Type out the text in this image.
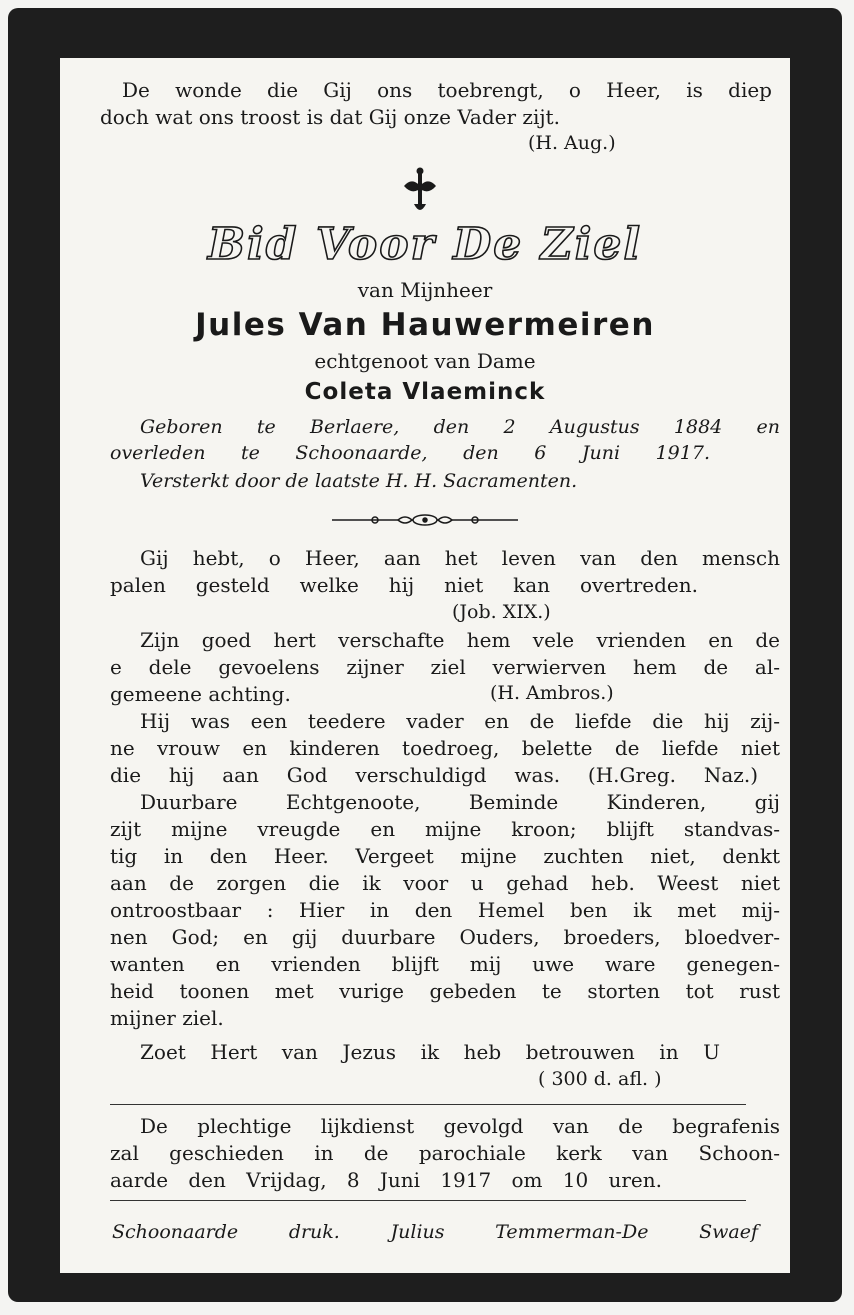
De wonde die Gij ons toebrengt, o Heer, is diep
doch wat ons troost is dat Gij onze Vader zijt.
(H. Aug.)
Bid Voor De Ziel
van Mijnheer
Jules Van Hauwermeiren
echtgenoot van Dame
Coleta Vlaeminck
Geboren te Berlaere, den 2 Augustus 1884 en
overleden te Schoonaarde, den 6 Juni 1917.
Versterkt door de laatste H. H. Sacramenten.
Gij hebt, o Heer, aan het leven van den mensch
palen gesteld welke hij niet kan overtreden.
(Job. XIX.)
Zijn goed hert verschafte hem vele vrienden en de
e dele gevoelens zijner ziel verwierven hem de al-
gemeene achting.	(H. Ambros.)
Hij was een teedere vader en de liefde die hij zij-
ne vrouw en kinderen toedroeg, belette de liefde niet
die hij aan God verschuldigd was. (H.Greg. Naz.)
Duurbare Echtgenoote, Beminde Kinderen, gij
zijt mijne vreugde en mijne kroon; blijft standvas-
tig in den Heer. Vergeet mijne zuchten niet, denkt
aan de zorgen die ik voor u gehad heb. Weest niet
ontroostbaar : Hier in den Hemel ben ik met mij-
nen God; en gij duurbare Ouders, broeders, bloedver-
wanten en vrienden blijft mij uwe ware genegen-
heid toonen met vurige gebeden te storten tot rust
mijner ziel.
Zoet Hert van Jezus ik heb betrouwen in U
( 300 d. afl. )
De plechtige lijkdienst gevolgd van de begrafenis
zal geschieden in de parochiale kerk van Schoon-
aarde den Vrijdag, 8 Juni 1917 om 10 uren.
Schoonaarde druk. Julius Temmerman-De Swaef
